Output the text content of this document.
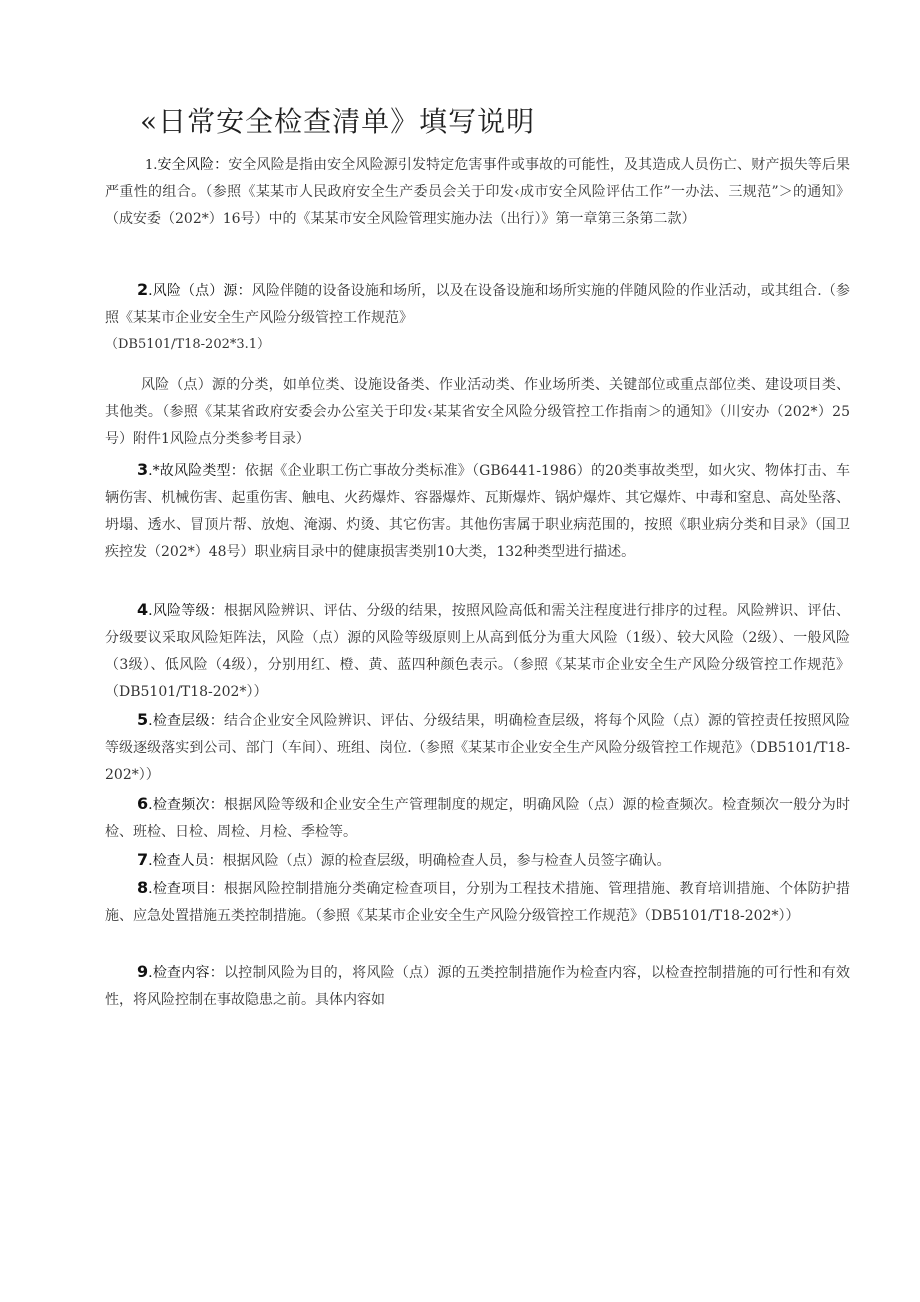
«日常安全检查清单》填写说明

1.安全风险：安全风险是指由安全风险源引发特定危害事件或事故的可能性，及其造成人员伤亡、财产损失等后果严重性的组合。（参照《某某市人民政府安全生产委员会关于印发‹成市安全风险评估工作”一办法、三规范”＞的通知》（成安委（202*）16号）中的《某某市安全风险管理实施办法（出行）》第一章第三条第二款）

2.风险（点）源：风险伴随的设备设施和场所，以及在设备设施和场所实施的伴随风险的作业活动，或其组合.（参照《某某市企业安全生产风险分级管控工作规范》

（DB5101/T18-202*3.1）

风险（点）源的分类，如单位类、设施设备类、作业活动类、作业场所类、关键部位或重点部位类、建设项目类、其他类。（参照《某某省政府安委会办公室关于印发‹某某省安全风险分级管控工作指南＞的通知》（川安办（202*）25号）附件1风险点分类参考目录）

3.*故风险类型：依据《企业职工伤亡事故分类标准》（GB6441-1986）的20类事故类型，如火灾、物体打击、车辆伤害、机械伤害、起重伤害、触电、火药爆炸、容器爆炸、瓦斯爆炸、锅炉爆炸、其它爆炸、中毒和窒息、高处坠落、坍塌、透水、冒顶片帮、放炮、淹溺、灼烫、其它伤害。其他伤害属于职业病范围的，按照《职业病分类和目录》（国卫疾控发（202*）48号）职业病目录中的健康损害类别10大类，132种类型进行描述。

4.风险等级：根据风险辨识、评估、分级的结果，按照风险高低和需关注程度进行排序的过程。风险辨识、评估、分级要议采取风险矩阵法，风险（点）源的风险等级原则上从高到低分为重大风险（1级）、较大风险（2级）、一般风险（3级）、低风险（4级），分别用红、橙、黄、蓝四种颜色表示。（参照《某某市企业安全生产风险分级管控工作规范》（DB5101/T18-202*））

5.检查层级：结合企业安全风险辨识、评估、分级结果，明确检查层级，将每个风险（点）源的管控责任按照风险等级逐级落实到公司、部门（车间）、班组、岗位.（参照《某某市企业安全生产风险分级管控工作规范》（DB5101/T18-202*））

6.检查频次：根据风险等级和企业安全生产管理制度的规定，明确风险（点）源的检查频次。检査频次一般分为时检、班检、日检、周检、月检、季检等。

7.检查人员：根据风险（点）源的检查层级，明确检查人员，参与检查人员签字确认。

8.检查项目：根据风险控制措施分类确定检查项目，分别为工程技术措施、管理措施、教育培训措施、个体防护措施、应急处置措施五类控制措施。（参照《某某市企业安全生产风险分级管控工作规范》（DB5101/T18-202*））

9.检查内容：以控制风险为目的，将风险（点）源的五类控制措施作为检查内容，以检查控制措施的可行性和有效性，将风险控制在事故隐患之前。具体内容如
